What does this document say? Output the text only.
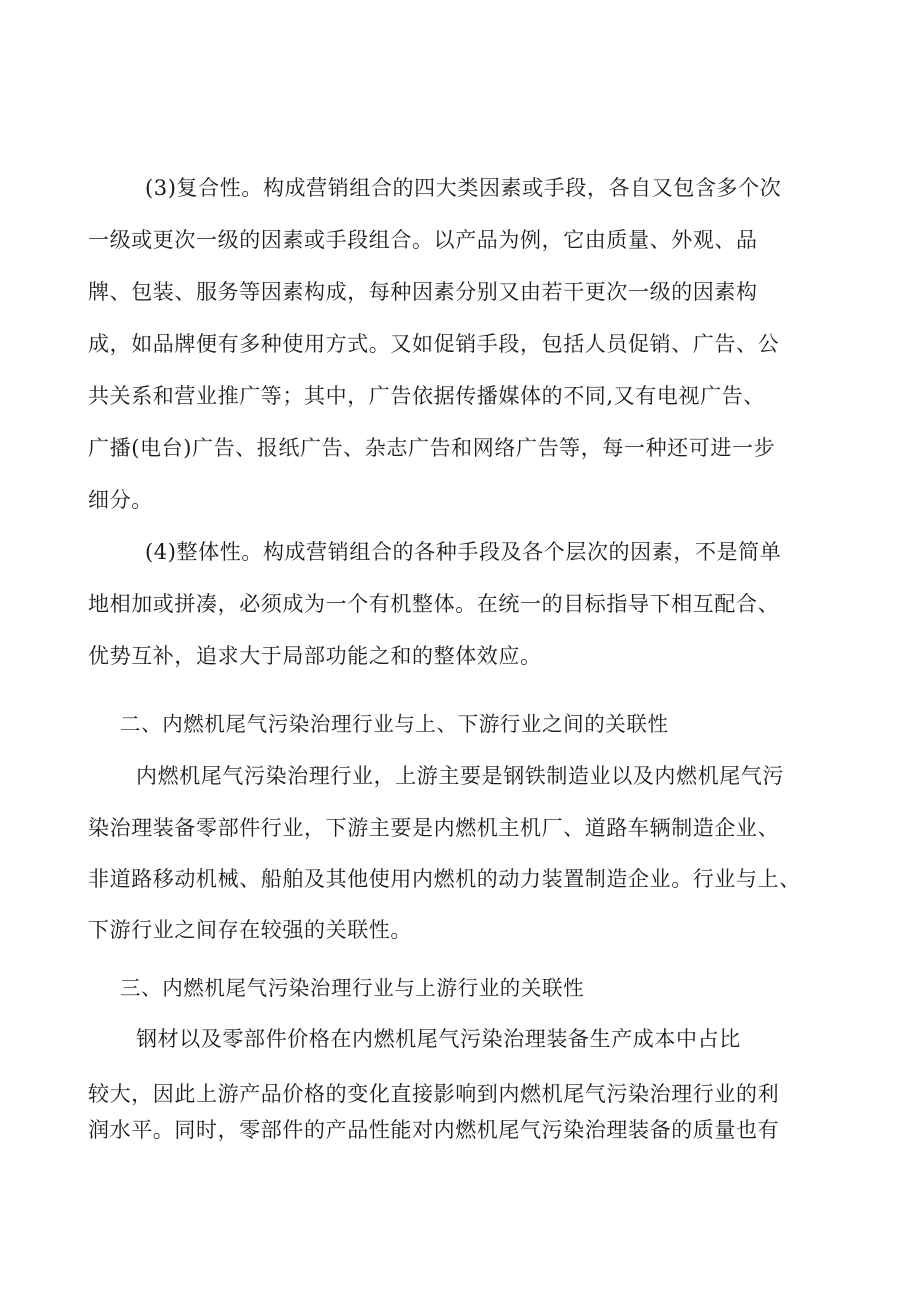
(3)复合性。构成营销组合的四大类因素或手段，各自又包含多个次
一级或更次一级的因素或手段组合。以产品为例，它由质量、外观、品
牌、包装、服务等因素构成，每种因素分别又由若干更次一级的因素构
成，如品牌便有多种使用方式。又如促销手段，包括人员促销、广告、公
共关系和营业推广等；其中，广告依据传播媒体的不同,又有电视广告、
广播(电台)广告、报纸广告、杂志广告和网络广告等，每一种还可进一步
细分。
(4)整体性。构成营销组合的各种手段及各个层次的因素，不是简单
地相加或拼凑，必须成为一个有机整体。在统一的目标指导下相互配合、
优势互补，追求大于局部功能之和的整体效应。
二、内燃机尾气污染治理行业与上、下游行业之间的关联性
内燃机尾气污染治理行业，上游主要是钢铁制造业以及内燃机尾气污
染治理装备零部件行业，下游主要是内燃机主机厂、道路车辆制造企业、
非道路移动机械、船舶及其他使用内燃机的动力装置制造企业。行业与上、
下游行业之间存在较强的关联性。
三、内燃机尾气污染治理行业与上游行业的关联性
钢材以及零部件价格在内燃机尾气污染治理装备生产成本中占比
较大，因此上游产品价格的变化直接影响到内燃机尾气污染治理行业的利
润水平。同时，零部件的产品性能对内燃机尾气污染治理装备的质量也有
